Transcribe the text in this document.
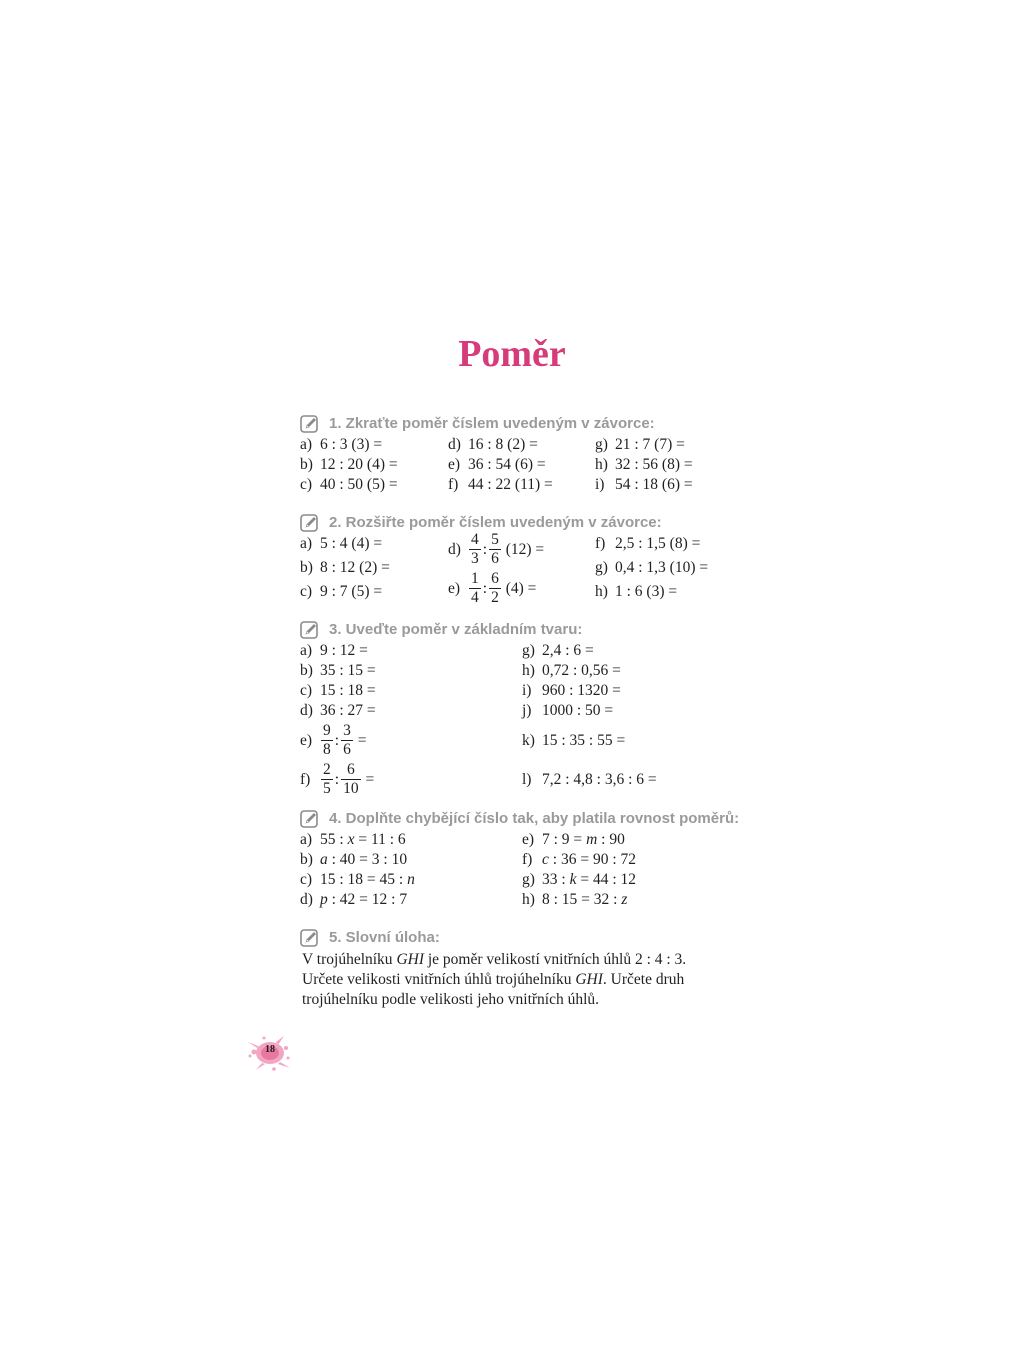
Poměr
1. Zkraťte poměr číslem uvedeným v závorce:
a) 6 : 3 (3) =
b) 12 : 20 (4) =
c) 40 : 50 (5) =
d) 16 : 8 (2) =
e) 36 : 54 (6) =
f) 44 : 22 (11) =
g) 21 : 7 (7) =
h) 32 : 56 (8) =
i) 54 : 18 (6) =
2. Rozšiřte poměr číslem uvedeným v závorce:
a) 5 : 4 (4) =
b) 8 : 12 (2) =
c) 9 : 7 (5) =
$d) \frac{4}{3}$ : $\frac{5}{6} (12)$ =
$e) \frac{1}{4}$ : $\frac{6}{2} (4)$ =
f) 2,5 : 1,5 (8) =
g) 0,4 : 1,3 (10) =
h) 1 : 6 (3) =
3. Uveďte poměr v základním tvaru:
a) 9 : 12 =
b) 35 : 15 =
c) 15 : 18 =
d) 36 : 27 =
$e) \frac{9}{8}$ : $\frac{3}{6}$ =
$f) \frac{2}{5}$ : $\frac{6}{10}$ =
g) 2,4 : 6 =
h) 0,72 : 0,56 =
i) 960 : 1320 =
j) 1000 : 50 =
k) 15 : 35 : 55 =
l) 7,2 : 4,8 : 3,6 : 6 =
4. Doplňte chybějící číslo tak, aby platila rovnost poměrů:
a) 55 : x = 11 : 6
b) a : 40 = 3 : 10
c) 15 : 18 = 45 : n
d) p : 42 = 12 : 7
e) 7 : 9 = m : 90
f) c : 36 = 90 : 72
g) 33 : k = 44 : 12
h) 8 : 15 = 32 : z
5. Slovní úloha:

V trojúhelníku GHI je poměr velikostí vnitřních úhlů 2 : 4 : 3.

Určete velikosti vnitřních úhlů trojúhelníku GHI. Určete druh

trojúhelníku podle velikosti jeho vnitřních úhlů.

18
